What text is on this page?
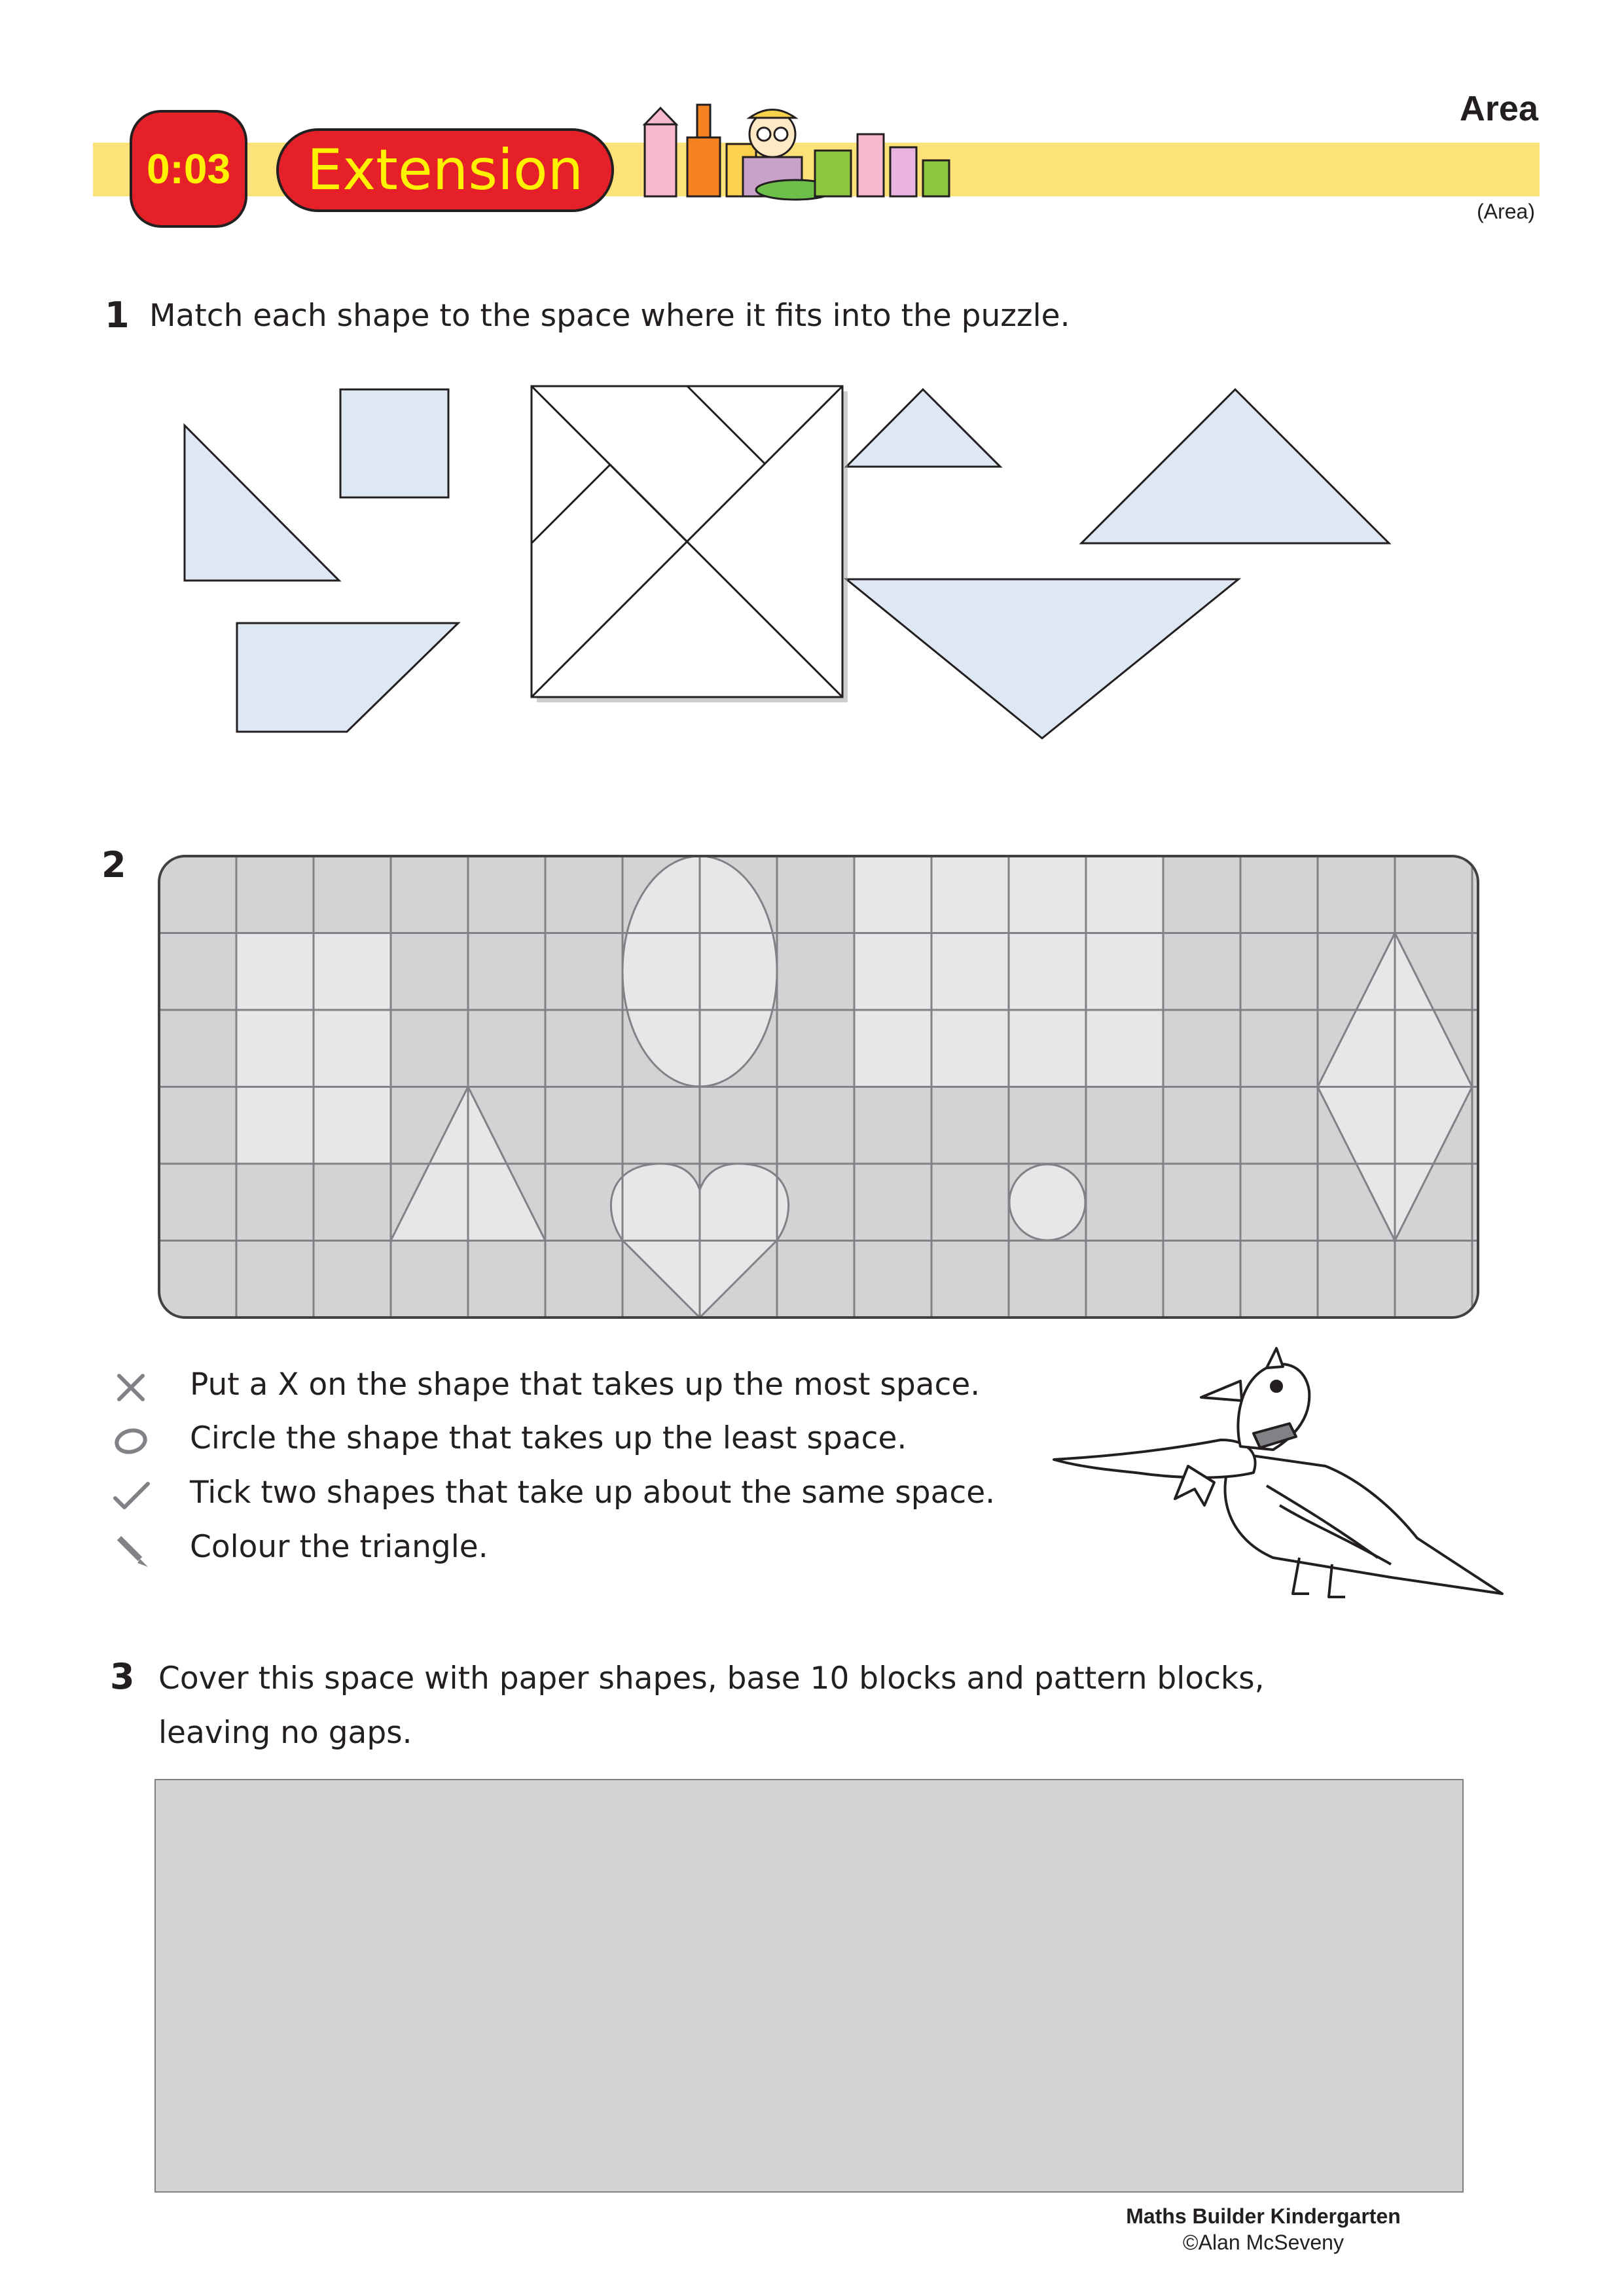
Area
0:03	Extension
(Area)
1 Match each shape to the space where it fits into the puzzle.
2
Put a X on the shape that takes up the most space.
Circle the shape that takes up the least space.
Tick two shapes that take up about the same space.
Colour the triangle.
3 Cover this space with paper shapes, base 10 blocks and pattern blocks,
leaving no gaps.
Maths Builder Kindergarten
©Alan McSeveny
